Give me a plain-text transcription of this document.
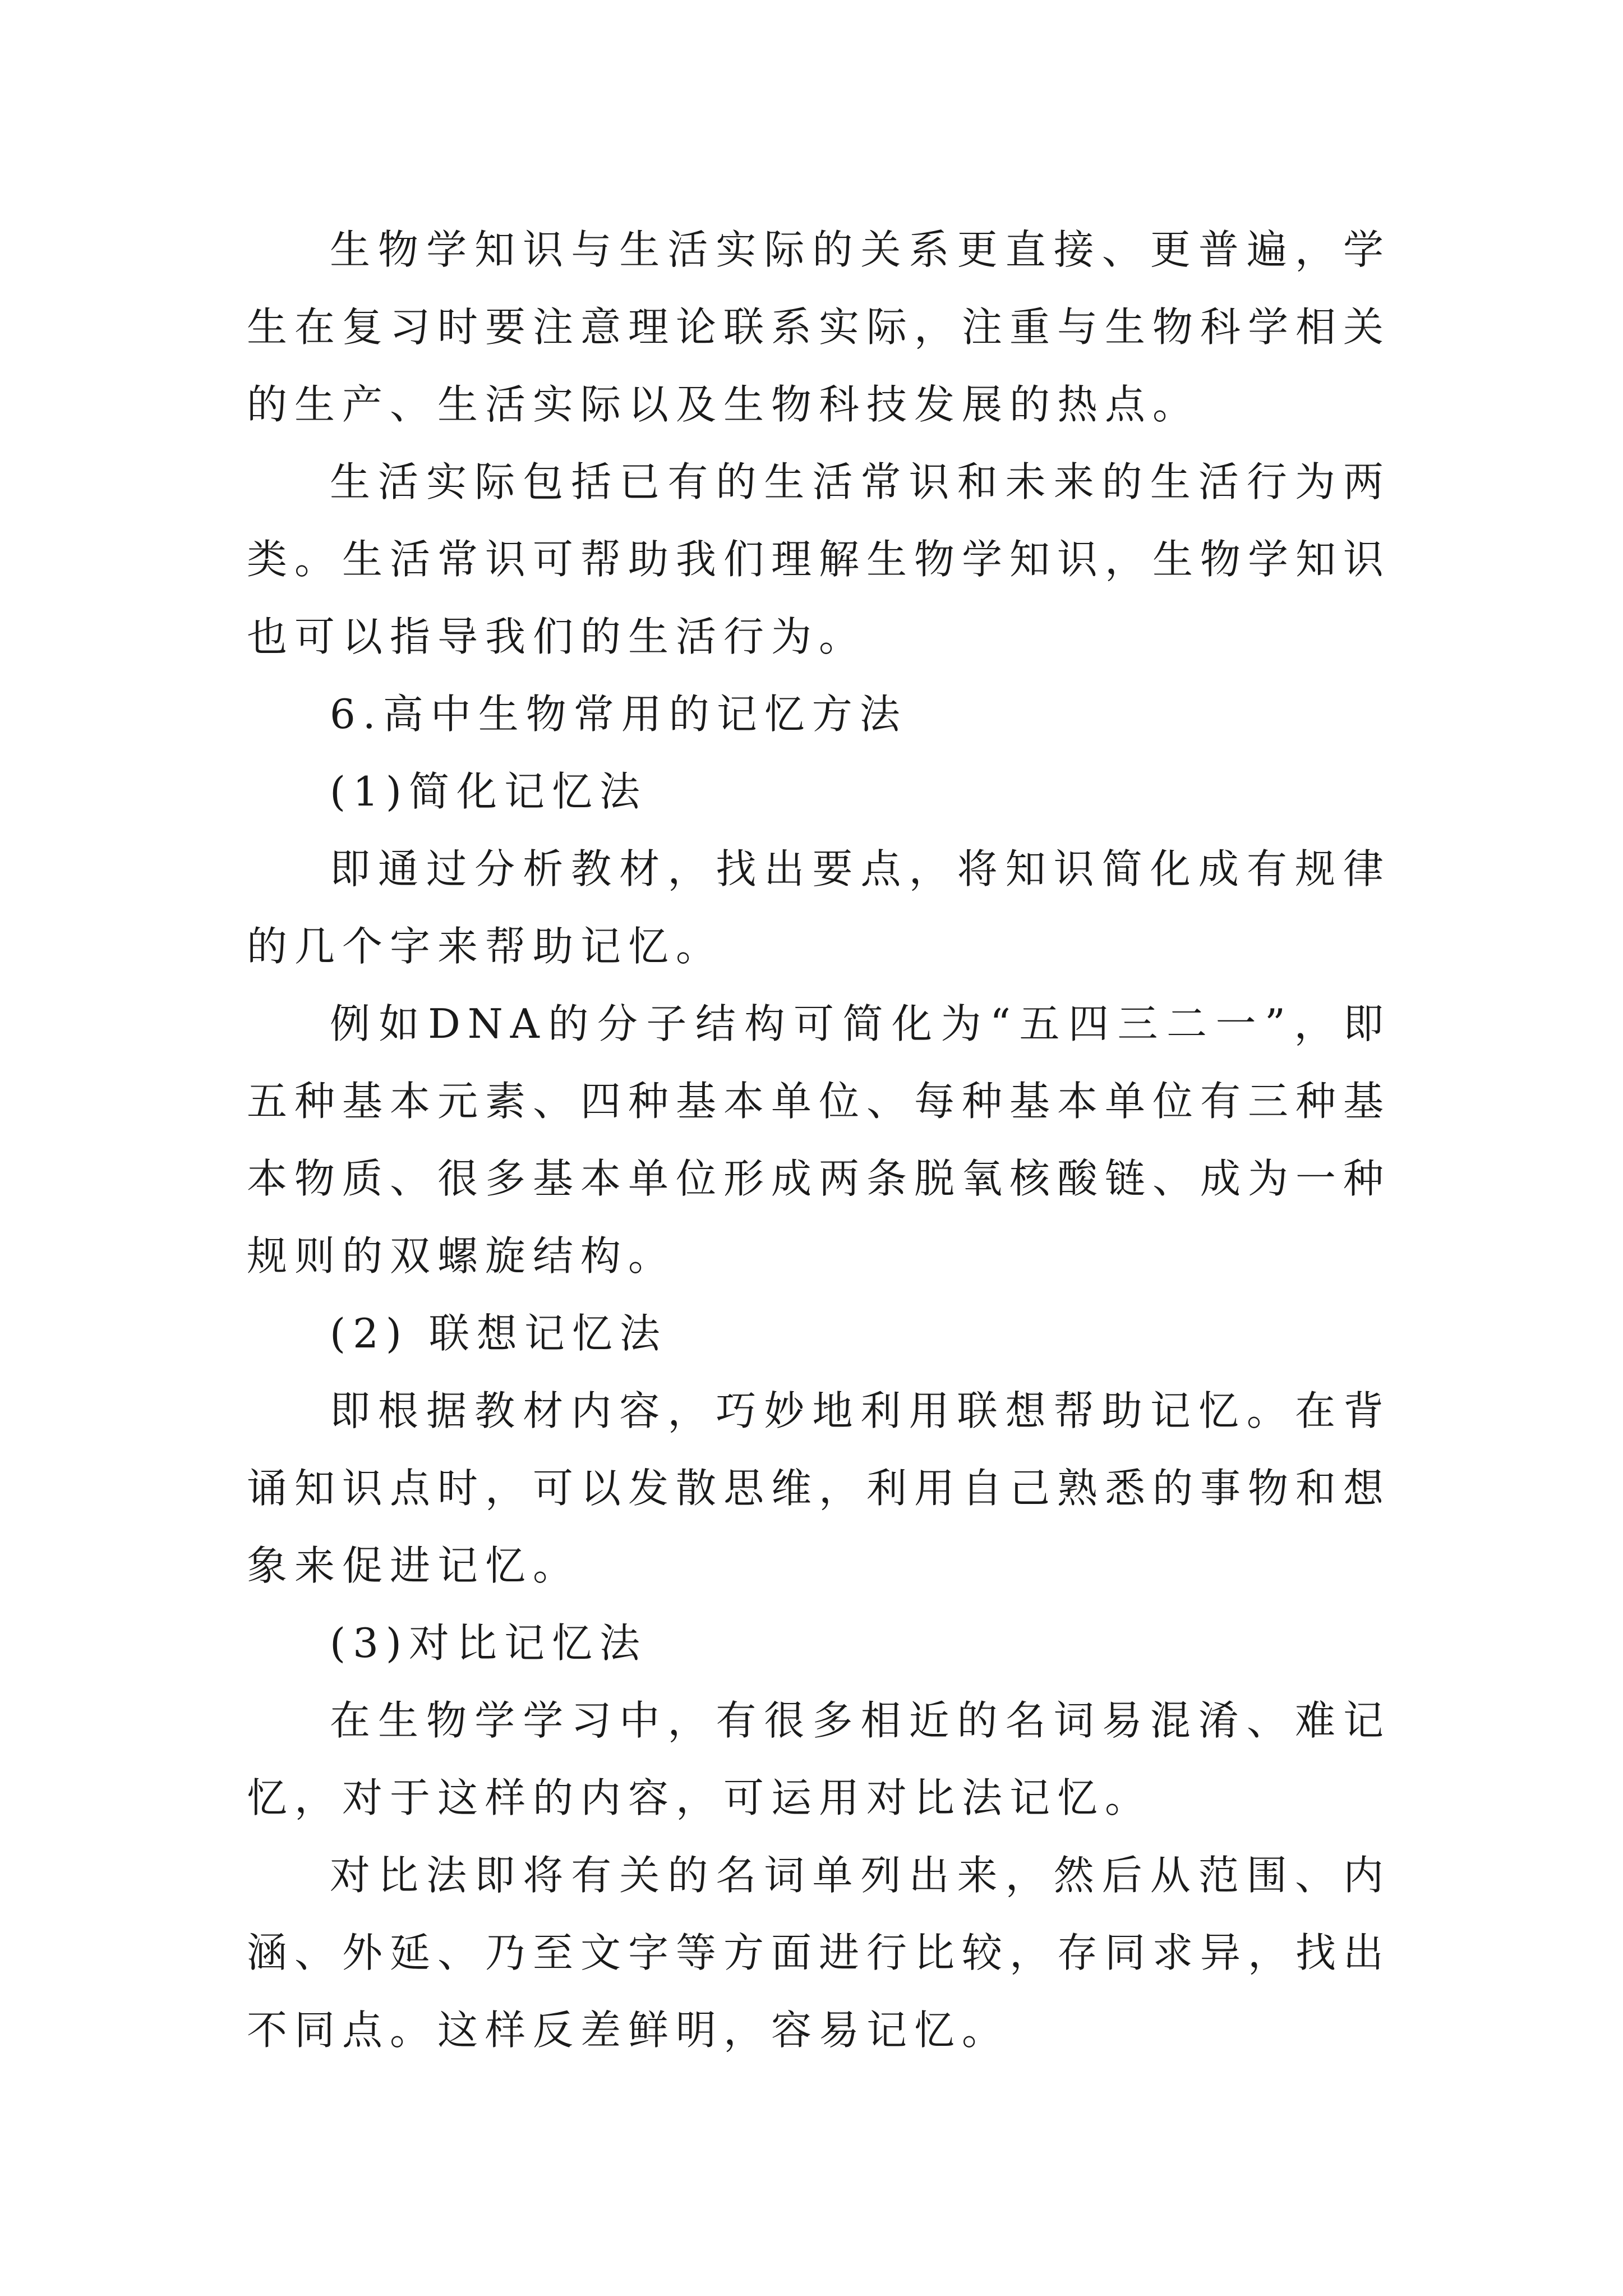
生物学知识与生活实际的关系更直接、更普遍，学生在复习时要注意理论联系实际，注重与生物科学相关的生产、生活实际以及生物科技发展的热点。

生活实际包括已有的生活常识和未来的生活行为两类。生活常识可帮助我们理解生物学知识，生物学知识也可以指导我们的生活行为。

6.高中生物常用的记忆方法

(1)简化记忆法

即通过分析教材，找出要点，将知识简化成有规律的几个字来帮助记忆。

例如DNA的分子结构可简化为“五四三二一”，即五种基本元素、四种基本单位、每种基本单位有三种基本物质、很多基本单位形成两条脱氧核酸链、成为一种规则的双螺旋结构。

(2) 联想记忆法

即根据教材内容，巧妙地利用联想帮助记忆。在背诵知识点时，可以发散思维，利用自己熟悉的事物和想象来促进记忆。

(3)对比记忆法

在生物学学习中，有很多相近的名词易混淆、难记忆，对于这样的内容，可运用对比法记忆。

对比法即将有关的名词单列出来，然后从范围、内涵、外延、乃至文字等方面进行比较，存同求异，找出不同点。这样反差鲜明，容易记忆。
